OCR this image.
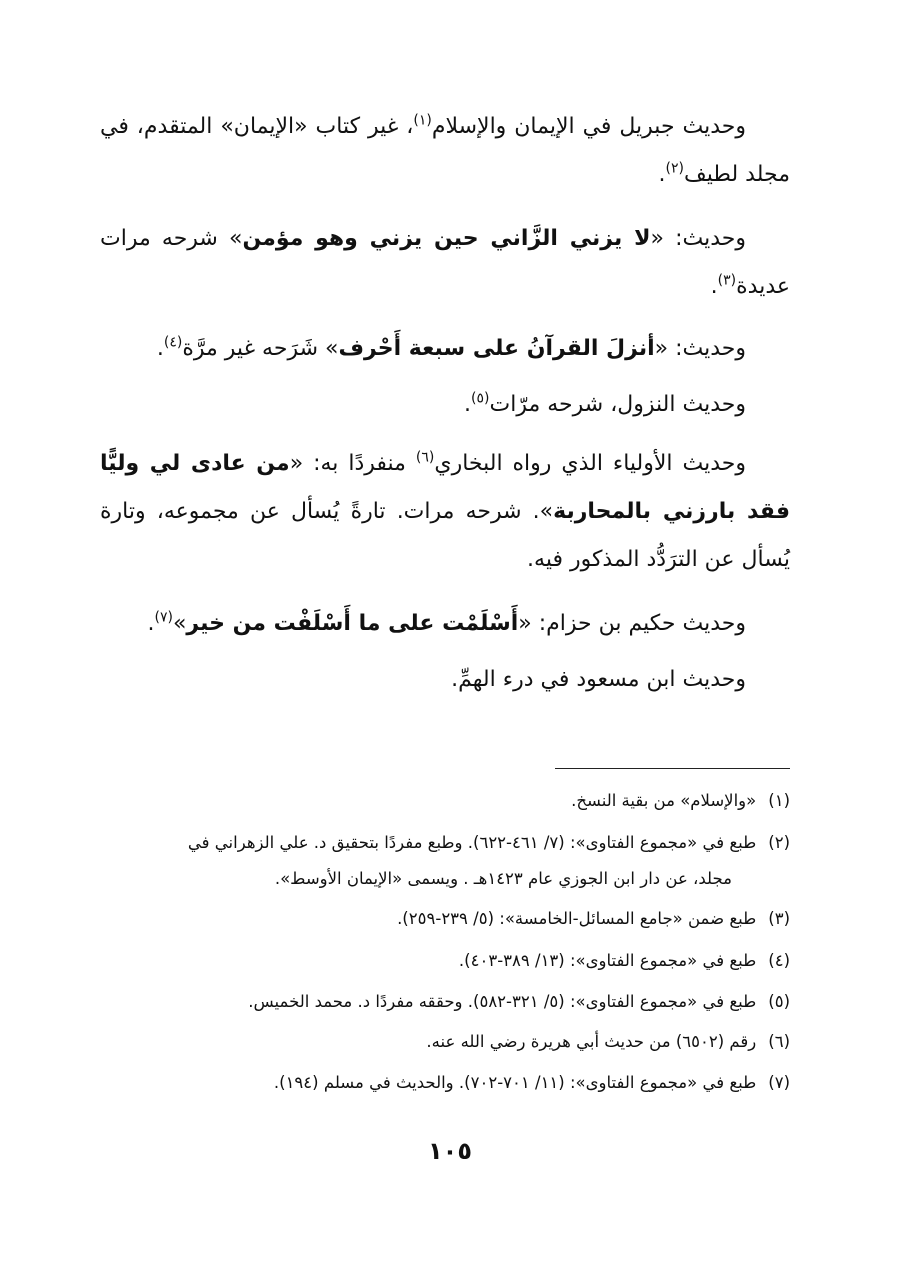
وحديث جبريل في الإيمان والإسلام$^{(١)}$، غير كتاب «الإيمان» المتقدم، في مجلد لطيف$^{(٢)}$.

وحديث: «لا يزني الزَّاني حين يزني وهو مؤمن» شرحه مرات عديدة$^{(٣)}$.

وحديث: «أنزلَ القرآنُ على سبعة أَحْرف» شَرَحه غير مرَّة$^{(٤)}$.

وحديث النزول، شرحه مرّات$^{(٥)}$.

وحديث الأولياء الذي رواه البخاري$^{(٦)}$ منفردًا به: «من عادى لي وليًّا فقد بارزني بالمحاربة». شرحه مرات. تارةً يُسأل عن مجموعه، وتارة يُسأل عن الترَدُّد المذكور فيه.

وحديث حكيم بن حزام: «أَسْلَمْت على ما أَسْلَفْت من خير»$^{(٧)}$.

وحديث ابن مسعود في درء الهمِّ.

(١)«والإسلام» من بقية النسخ.

(٢)طبع في «مجموع الفتاوى»: (٧/ ٤٦١-٦٢٢). وطبع مفردًا بتحقيق د. علي الزهراني في

مجلد، عن دار ابن الجوزي عام ١٤٢٣هـ . ويسمى «الإيمان الأوسط».

(٣)طبع ضمن «جامع المسائل-الخامسة»: (٥/ ٢٣٩-٢٥٩).

(٤)طبع في «مجموع الفتاوى»: (١٣/ ٣٨٩-٤٠٣).

(٥)طبع في «مجموع الفتاوى»: (٥/ ٣٢١-٥٨٢). وحققه مفردًا د. محمد الخميس.

(٦)رقم (٦٥٠٢) من حديث أبي هريرة رضي الله عنه.

(٧)طبع في «مجموع الفتاوى»: (١١/ ٧٠١-٧٠٢). والحديث في مسلم (١٩٤).

١٠٥
